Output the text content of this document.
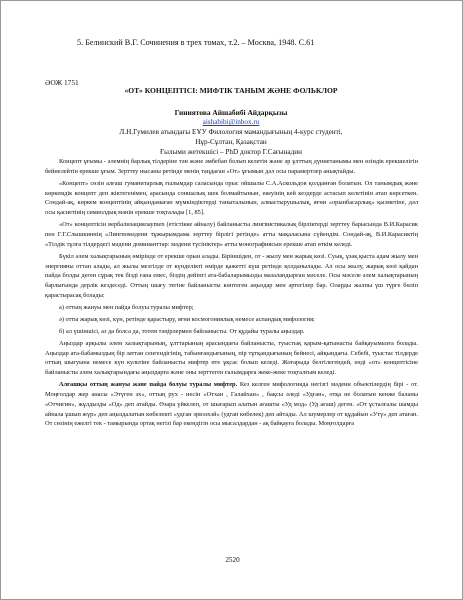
5. Белинский В.Г. Сочинения в трех томах, т.2. – Москва, 1948. С.61
ӘОЖ 1751
«ОТ» КОНЦЕПТІСІ: МИФТІК ТАНЫМ ЖӘНЕ ФОЛЬКЛОР
Гиниятова Айшабибі Айдарқызы
aishabibi@inbox.ru
Л.Н.Гумилев атындағы ЕҰУ Филология мамандығының 4-курс студенті,
Нұр-Сұлтан, Қазақстан
Ғылыми жетекшісі – PhD доктор Г.Сағынадин

Концепт ұғымы - әлемнің барлық тілдеріне тән және әмбебап болып келетін және әр ұлттың дүниетанымы мен өзіндік ерекшелігін бейнелейтін ерекше ұғым. Зерттеу нысаны ретінде менің таңдаған «От» ұғымын дәл осы парамертлер анықтайды.

«Концепт» сөзін алғаш гуманитарлық ғылымдар саласында орыс ойшылы С.А.Аскольдов қолданған болатын. Ол танымдық және көркемдік концепт деп жіктегенімен, арасында соншалық шек болмайтынын, екеуінің кей кездерде астасып келетінін атап көрсеткен. Сондай-ақ, көркем концептінің айқындамаған мүмкіндіктерді таныталынын, алмастырушылық, яғни «орынбасарлық» қызметіне, дәл осы қасиетінің символдық мәнін ерекше тоқталады [1, 85].

«От» концептісін вербализациялауmen (етістікке айналу) байланысты лингвистикалық бірліктерді зерттеу барысында В.И.Карасик пен Г.Г.Слышкиннің «Лингвомәдени тұжырымдама зерттеу бірлігі ретінде» атты мақаласына сүйендім. Сондай-ақ, В.И.Карасиктің «Тілдік тұлға тілдердегі мәдени доминанттар: мәдени түсініктер» атты монографиясын ерекше атап өткім келеді.

Бүкіл әлем халықтарының өмірінде от ерекше орын алады. Біріншіден, от - жылу мен жарық көзі. Суық, ұзақ қыста адам жылу мен энергияны оттан алады, ал жылы мезгілде от күнделікті өмірде қажетті күш ретінде қолданылады. Ал осы жылу, жарық көзі қайдан пайда болды деген сұрақ тек бізді ғана емес, біздің дейінгі ата-бабаларымызды мазаландырған мәселе. Осы мәселе әлем халықтарының барлығында дерлік кездеседі. Оттың шығу тегіне байланысты көптеген аңыздар мен әртегілер бар. Оларды жалпы үш түрге бөліп қарастырасақ болады:

а) оттың жануы мен пайда болуы туралы мифтер;

ә) отты жарық көзі, күн, ретінде қарастыру, яғни космогониялық немесе аспандық мифология;

б) ал үшіншісі, аз да болса да, тотем тәңірлермен байланысты. От құдайы туралы аңыздар.

Аңыздар арқылы әлем халықтарының, ұлттарының арасындағы байланысты, туыстық қарым-қатынасты байқауымызға болады. Аңыздар ата-бабамыздың бір заттан сенгендігінің, табынғандығының, пір тұтқандығының бейнесі, айқындағы. Себебі, туыстас тілдерде оттың шығуына немесе күн культіне байланысты мифтер өте ұқсас болып келеді. Жоғарыда белгілегендей, енді «от» концептісіне байланысты әлем халықтарындағы аңыздарға және оны зерттеген ғалымдарға жеке-жеке тоқталғым келеді.

Алғашқы оттың жануы және пайда болуы туралы мифтер. Кез келген мифологияда негізгі мәдени объектілердің бірі - от. Моңғолдар жер анасы «Этүген эх», оттың руx - иесін «Отхан , Галайхан» , бақсы әледі «Удған», отқа не болатын кенже баланы «Отчигин», жұлдызды «Од» деп атайды. Өзара үйкелеп, от шығарып алатын ағашты «Уд мод» (Уд ағаш) деген. «От ұсталғалы шамды айнала ұшып жүр» деп аңыздалатын көбелекті «удган эрвээхэй» (удган көбелек) деп айтады. Ал шумерлер от құдайын «Утү» деп атаған. От сөзінің ежелгі тек - тамырында ортақ негізі бар екендігін осы мысалдардан - ақ байқауға болады. Моңғолдарға

2520
